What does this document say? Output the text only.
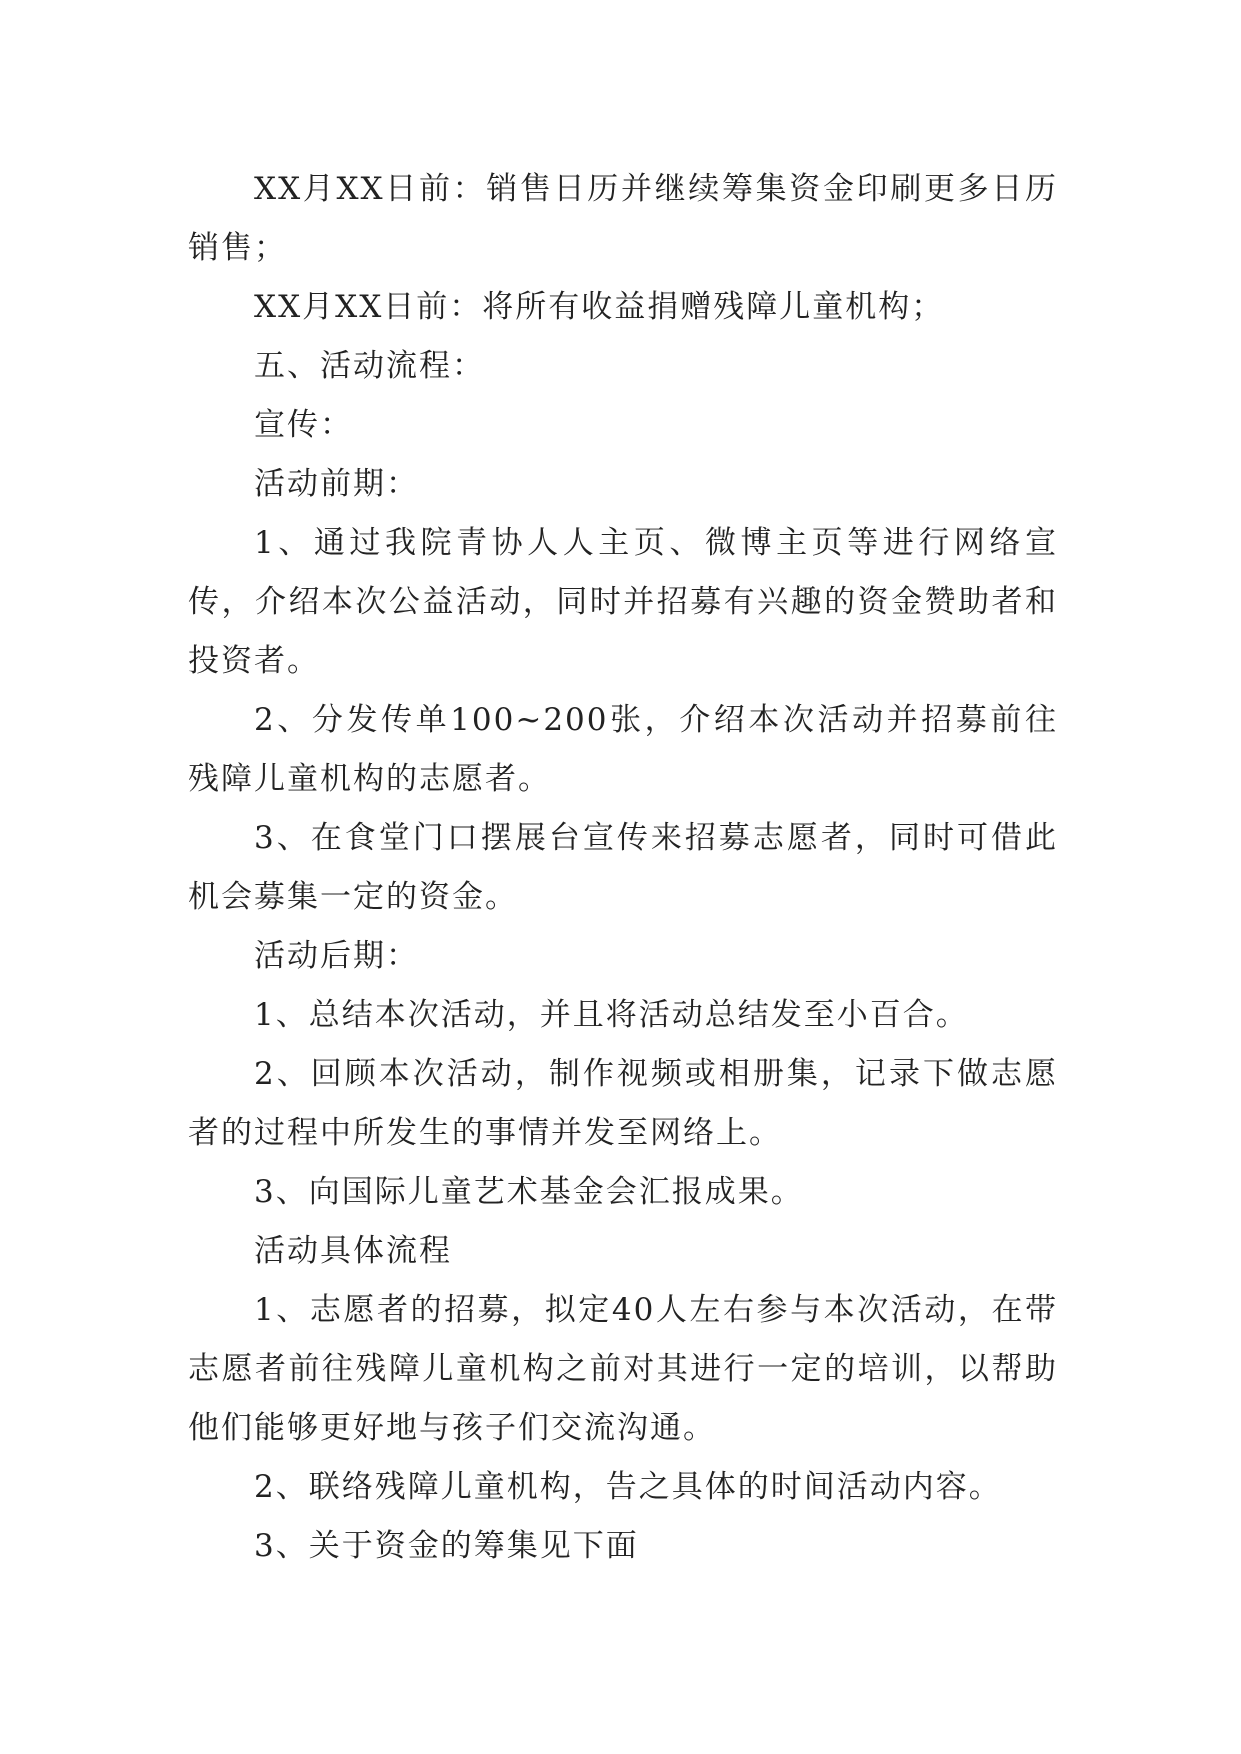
XX月XX日前：销售日历并继续筹集资金印刷更多日历销售；

XX月XX日前：将所有收益捐赠残障儿童机构；

五、活动流程：

宣传：

活动前期：

1、通过我院青协人人主页、微博主页等进行网络宣传，介绍本次公益活动，同时并招募有兴趣的资金赞助者和投资者。

2、分发传单100~200张，介绍本次活动并招募前往残障儿童机构的志愿者。

3、在食堂门口摆展台宣传来招募志愿者，同时可借此机会募集一定的资金。

活动后期：

1、总结本次活动，并且将活动总结发至小百合。

2、回顾本次活动，制作视频或相册集，记录下做志愿者的过程中所发生的事情并发至网络上。

3、向国际儿童艺术基金会汇报成果。

活动具体流程

1、志愿者的招募，拟定40人左右参与本次活动，在带志愿者前往残障儿童机构之前对其进行一定的培训，以帮助他们能够更好地与孩子们交流沟通。

2、联络残障儿童机构，告之具体的时间活动内容。

3、关于资金的筹集见下面
